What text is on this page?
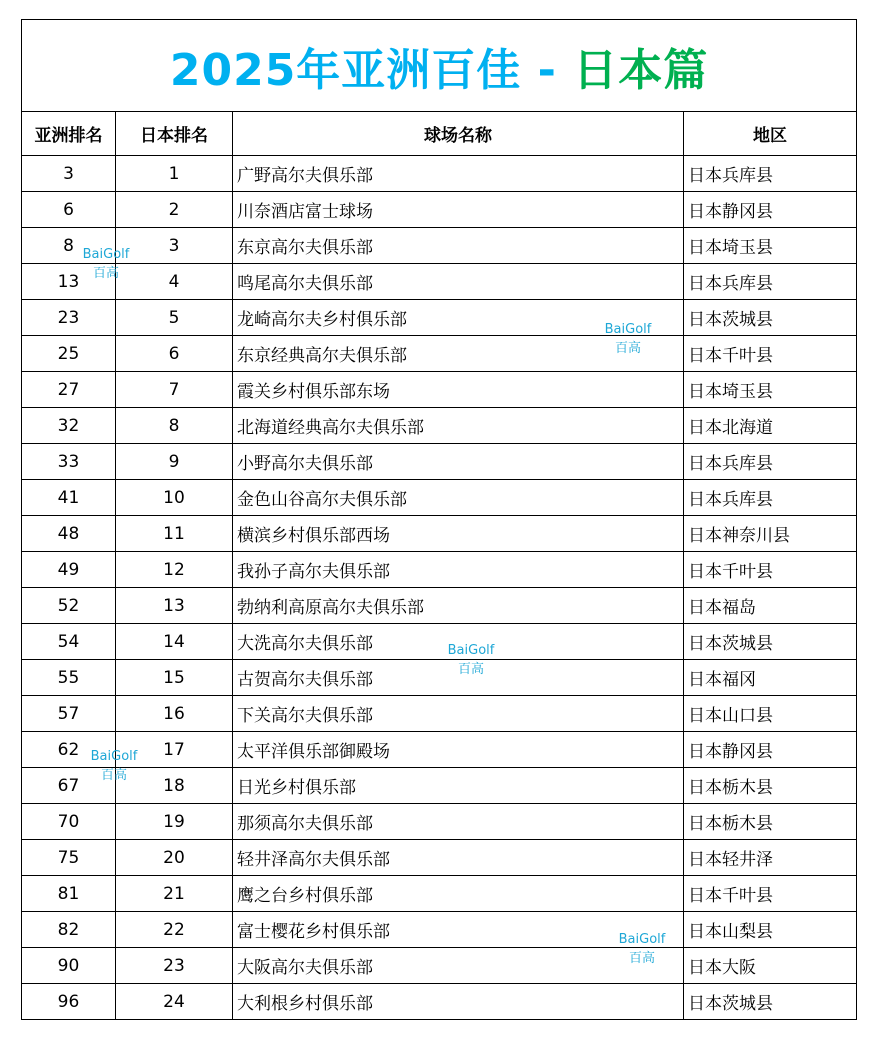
2025年亚洲百佳 - 日本篇			
亚洲排名	日本排名	球场名称	地区
3	1	广野高尔夫俱乐部	日本兵库县
6	2	川奈酒店富士球场	日本静冈县
8	3	东京高尔夫俱乐部	日本埼玉县
13	4	鸣尾高尔夫俱乐部	日本兵库县
23	5	龙崎高尔夫乡村俱乐部	日本茨城县
25	6	东京经典高尔夫俱乐部	日本千叶县
27	7	霞关乡村俱乐部东场	日本埼玉县
32	8	北海道经典高尔夫俱乐部	日本北海道
33	9	小野高尔夫俱乐部	日本兵库县
41	10	金色山谷高尔夫俱乐部	日本兵库县
48	11	横滨乡村俱乐部西场	日本神奈川县
49	12	我孙子高尔夫俱乐部	日本千叶县
52	13	勃纳利高原高尔夫俱乐部	日本福岛
54	14	大洗高尔夫俱乐部	日本茨城县
55	15	古贺高尔夫俱乐部	日本福冈
57	16	下关高尔夫俱乐部	日本山口县
62	17	太平洋俱乐部御殿场	日本静冈县
67	18	日光乡村俱乐部	日本栃木县
70	19	那须高尔夫俱乐部	日本栃木县
75	20	轻井泽高尔夫俱乐部	日本轻井泽
81	21	鹰之台乡村俱乐部	日本千叶县
82	22	富士樱花乡村俱乐部	日本山梨县
90	23	大阪高尔夫俱乐部	日本大阪
96	24	大利根乡村俱乐部	日本茨城县
BaiGolf
百高
BaiGolf
百高
BaiGolf
百高
BaiGolf
百高
BaiGolf
百高
